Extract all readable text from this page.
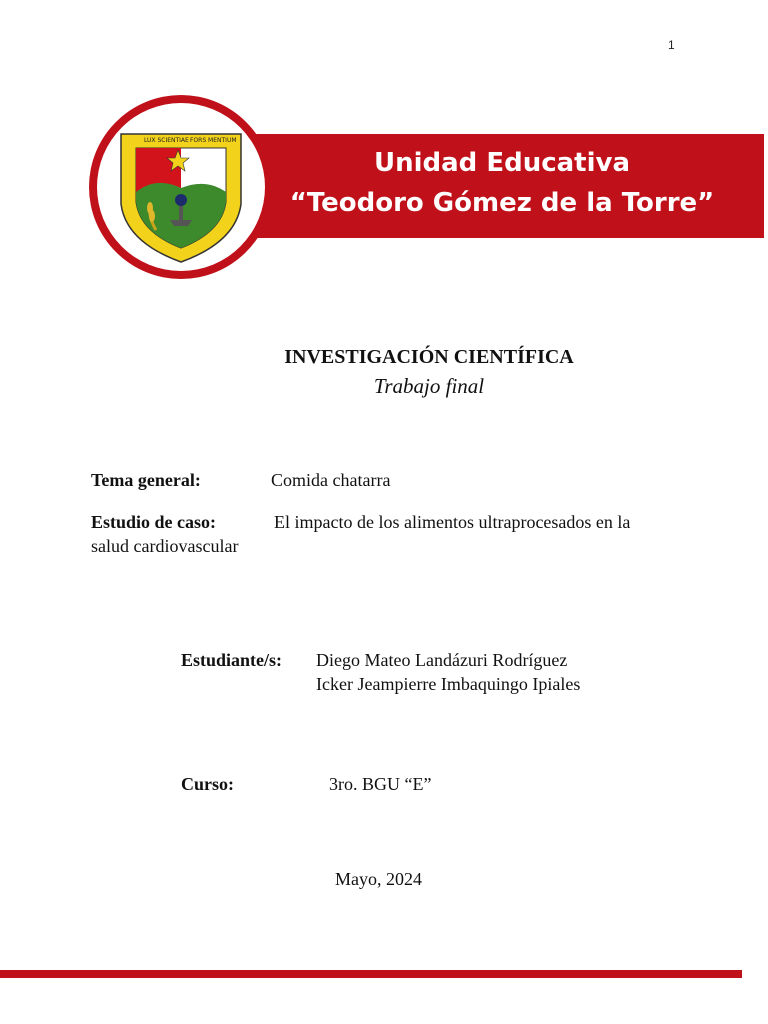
1
Unidad Educativa
“Teodoro Gómez de la Torre”
LUX SCIENTIAE FORS MENTIUM
INVESTIGACIÓN CIENTÍFICA
Trabajo final
Tema general:	Comida chatarra
Estudio de caso:	El impacto de los alimentos ultraprocesados en la
salud cardiovascular
Estudiante/s: Diego Mateo Landázuri Rodríguez
Icker Jeampierre Imbaquingo Ipiales
Curso:	3ro. BGU “E”
Mayo, 2024
